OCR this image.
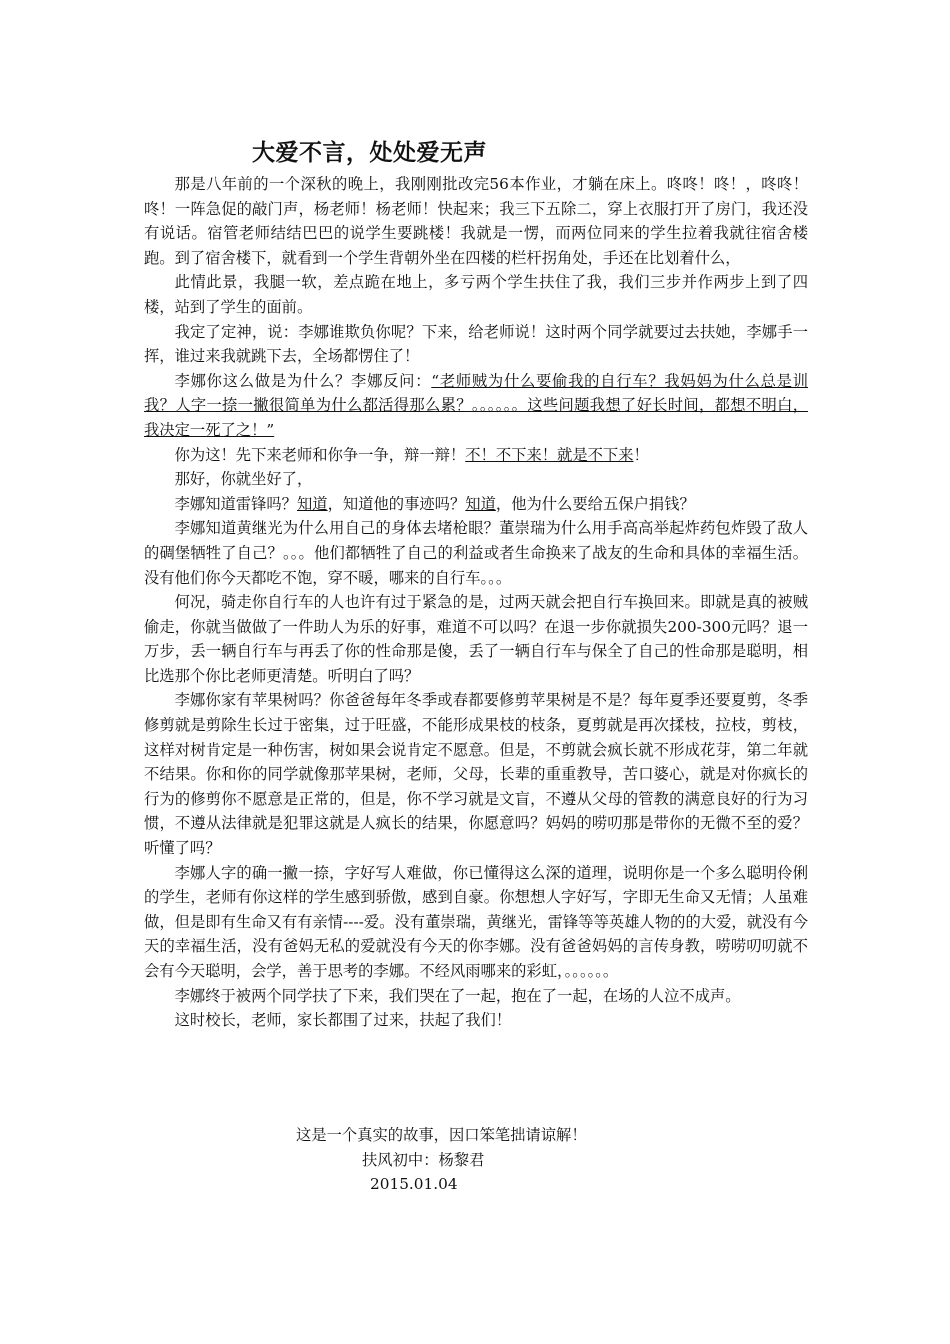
大爱不言，处处爱无声

那是八年前的一个深秋的晚上，我刚刚批改完56本作业，才躺在床上。咚咚！咚！，咚咚！咚！一阵急促的敲门声，杨老师！杨老师！快起来；我三下五除二，穿上衣服打开了房门，我还没有说话。宿管老师结结巴巴的说学生要跳楼！我就是一愣，而两位同来的学生拉着我就往宿舍楼跑。到了宿舍楼下，就看到一个学生背朝外坐在四楼的栏杆拐角处，手还在比划着什么，

此情此景，我腿一软，差点跪在地上，多亏两个学生扶住了我，我们三步并作两步上到了四楼，站到了学生的面前。

我定了定神，说：李娜谁欺负你呢？下来，给老师说！这时两个同学就要过去扶她，李娜手一挥，谁过来我就跳下去，全场都愣住了！

李娜你这么做是为什么？李娜反问：“老师贼为什么要偷我的自行车？我妈妈为什么总是训我？人字一捺一撇很简单为什么都活得那么累？。。。。。。这些问题我想了好长时间，都想不明白，我决定一死了之！”

你为这！先下来老师和你争一争，辩一辩！不！不下来！就是不下来！

那好，你就坐好了，

李娜知道雷锋吗？知道，知道他的事迹吗？知道，他为什么要给五保户捐钱？

李娜知道黄继光为什么用自己的身体去堵枪眼？董崇瑞为什么用手高高举起炸药包炸毁了敌人的碉堡牺牲了自己？。。。他们都牺牲了自己的利益或者生命换来了战友的生命和具体的幸福生活。没有他们你今天都吃不饱，穿不暖，哪来的自行车。。。

何况，骑走你自行车的人也许有过于紧急的是，过两天就会把自行车换回来。即就是真的被贼偷走，你就当做做了一件助人为乐的好事，难道不可以吗？在退一步你就损失200-300元吗？退一万步，丢一辆自行车与再丢了你的性命那是傻，丢了一辆自行车与保全了自己的性命那是聪明，相比选那个你比老师更清楚。听明白了吗？

李娜你家有苹果树吗？你爸爸每年冬季或春都要修剪苹果树是不是？每年夏季还要夏剪，冬季修剪就是剪除生长过于密集，过于旺盛，不能形成果枝的枝条，夏剪就是再次揉枝，拉枝，剪枝，这样对树肯定是一种伤害，树如果会说肯定不愿意。但是，不剪就会疯长就不形成花芽，第二年就不结果。你和你的同学就像那苹果树，老师，父母，长辈的重重教导，苦口婆心，就是对你疯长的行为的修剪你不愿意是正常的，但是，你不学习就是文盲，不遵从父母的管教的满意良好的行为习惯，不遵从法律就是犯罪这就是人疯长的结果，你愿意吗？妈妈的唠叨那是带你的无微不至的爱？听懂了吗？

李娜人字的确一撇一捺，字好写人难做，你已懂得这么深的道理，说明你是一个多么聪明伶俐的学生，老师有你这样的学生感到骄傲，感到自豪。你想想人字好写，字即无生命又无情；人虽难做，但是即有生命又有有亲情----爱。没有董崇瑞，黄继光，雷锋等等英雄人物的的大爱，就没有今天的幸福生活，没有爸妈无私的爱就没有今天的你李娜。没有爸爸妈妈的言传身教，唠唠叨叨就不会有今天聪明，会学，善于思考的李娜。不经风雨哪来的彩虹，。。。。。。

李娜终于被两个同学扶了下来，我们哭在了一起，抱在了一起，在场的人泣不成声。

这时校长，老师，家长都围了过来，扶起了我们！

这是一个真实的故事，因口笨笔拙请谅解！
扶风初中：杨黎君
2015.01.04
